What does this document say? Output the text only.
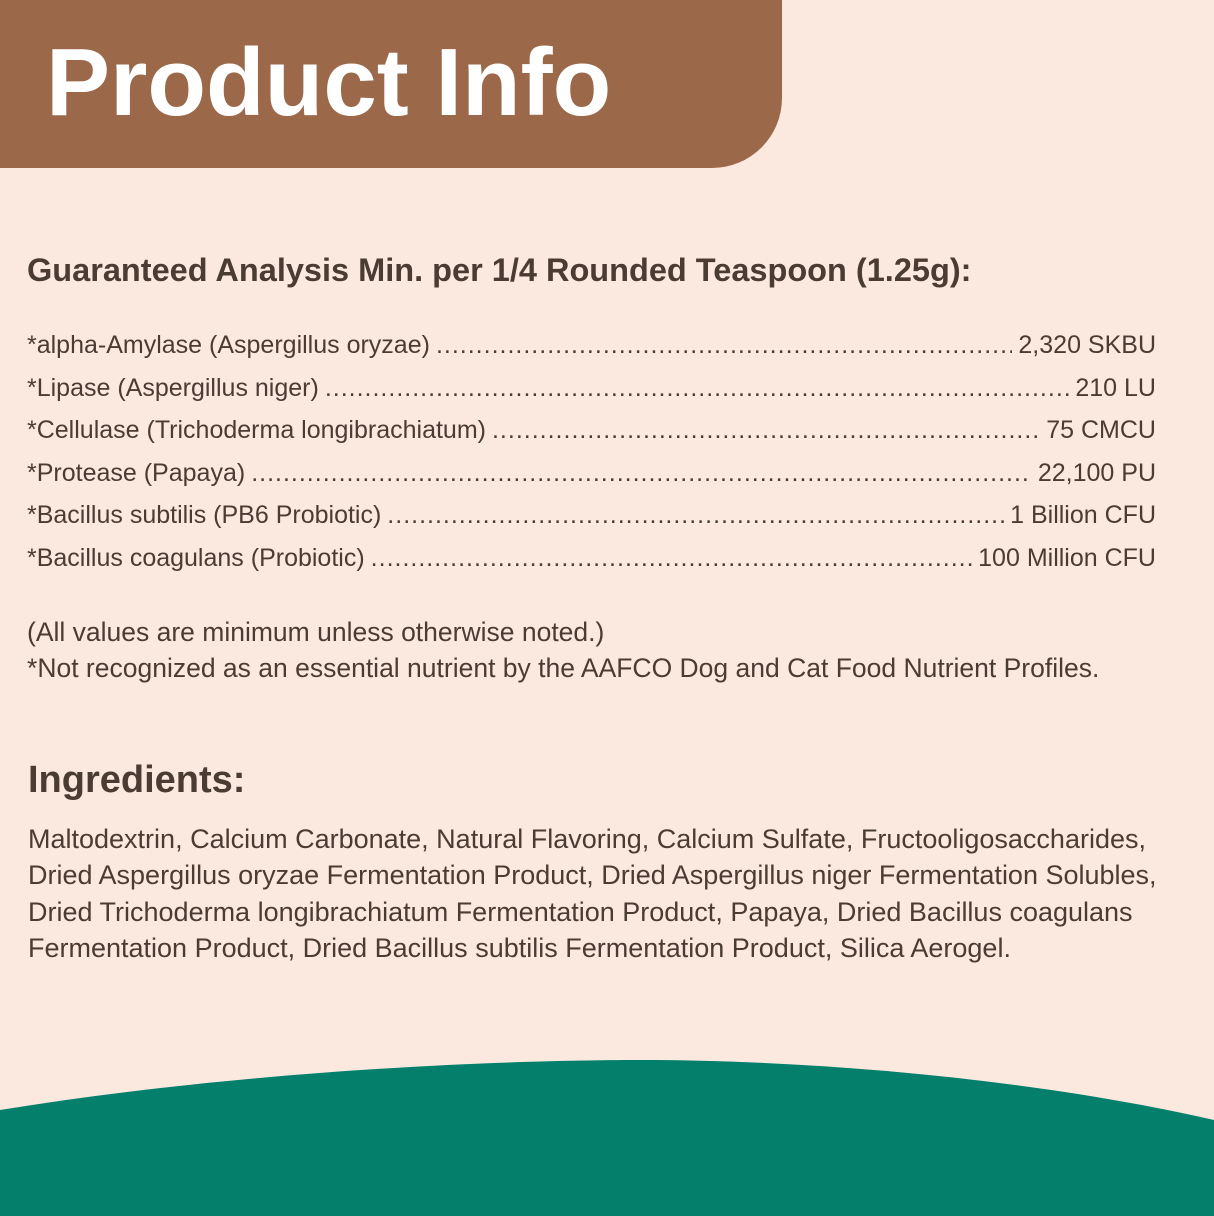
Product Info
Guaranteed Analysis Min. per 1/4 Rounded Teaspoon (1.25g):
*alpha-Amylase (Aspergillus oryzae) .....	2,320 SKBU
*Lipase (Aspergillus niger) .....	210 LU
*Cellulase (Trichoderma longibrachiatum) .....	75 CMCU
*Protease (Papaya) .....	22,100 PU
*Bacillus subtilis (PB6 Probiotic) .....	1 Billion CFU
*Bacillus coagulans (Probiotic) .....	100 Million CFU

(All values are minimum unless otherwise noted.)

*Not recognized as an essential nutrient by the AAFCO Dog and Cat Food Nutrient Profiles.

Ingredients:

Maltodextrin, Calcium Carbonate, Natural Flavoring, Calcium Sulfate, Fructooligosaccharides, Dried Aspergillus oryzae Fermentation Product, Dried Aspergillus niger Fermentation Solubles, Dried Trichoderma longibrachiatum Fermentation Product, Papaya, Dried Bacillus coagulans Fermentation Product, Dried Bacillus subtilis Fermentation Product, Silica Aerogel.
